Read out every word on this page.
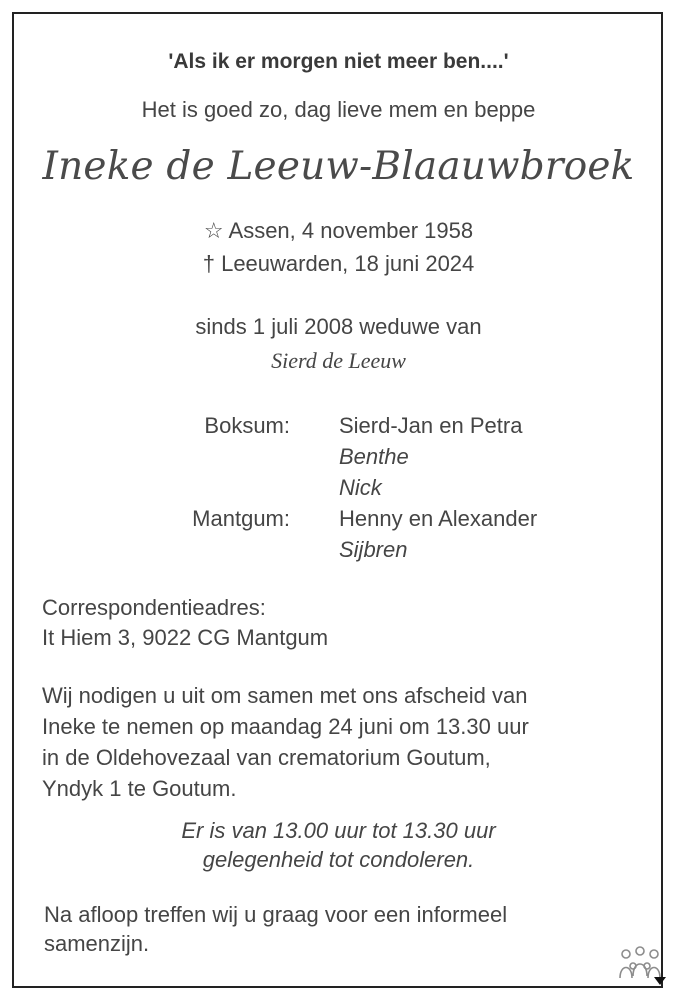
'Als ik er morgen niet meer ben....'
Het is goed zo, dag lieve mem en beppe
Ineke de Leeuw-Blaauwbroek
☆ Assen, 4 november 1958
† Leeuwarden, 18 juni 2024
sinds 1 juli 2008 weduwe van
Sierd de Leeuw
Boksum: Sierd-Jan en Petra
Benthe
Nick
Mantgum: Henny en Alexander
Sijbren
Correspondentieadres:
It Hiem 3, 9022 CG Mantgum
Wij nodigen u uit om samen met ons afscheid van
Ineke te nemen op maandag 24 juni om 13.30 uur
in de Oldehovezaal van crematorium Goutum,
Yndyk 1 te Goutum.
Er is van 13.00 uur tot 13.30 uur
gelegenheid tot condoleren.
Na afloop treffen wij u graag voor een informeel
samenzijn.
